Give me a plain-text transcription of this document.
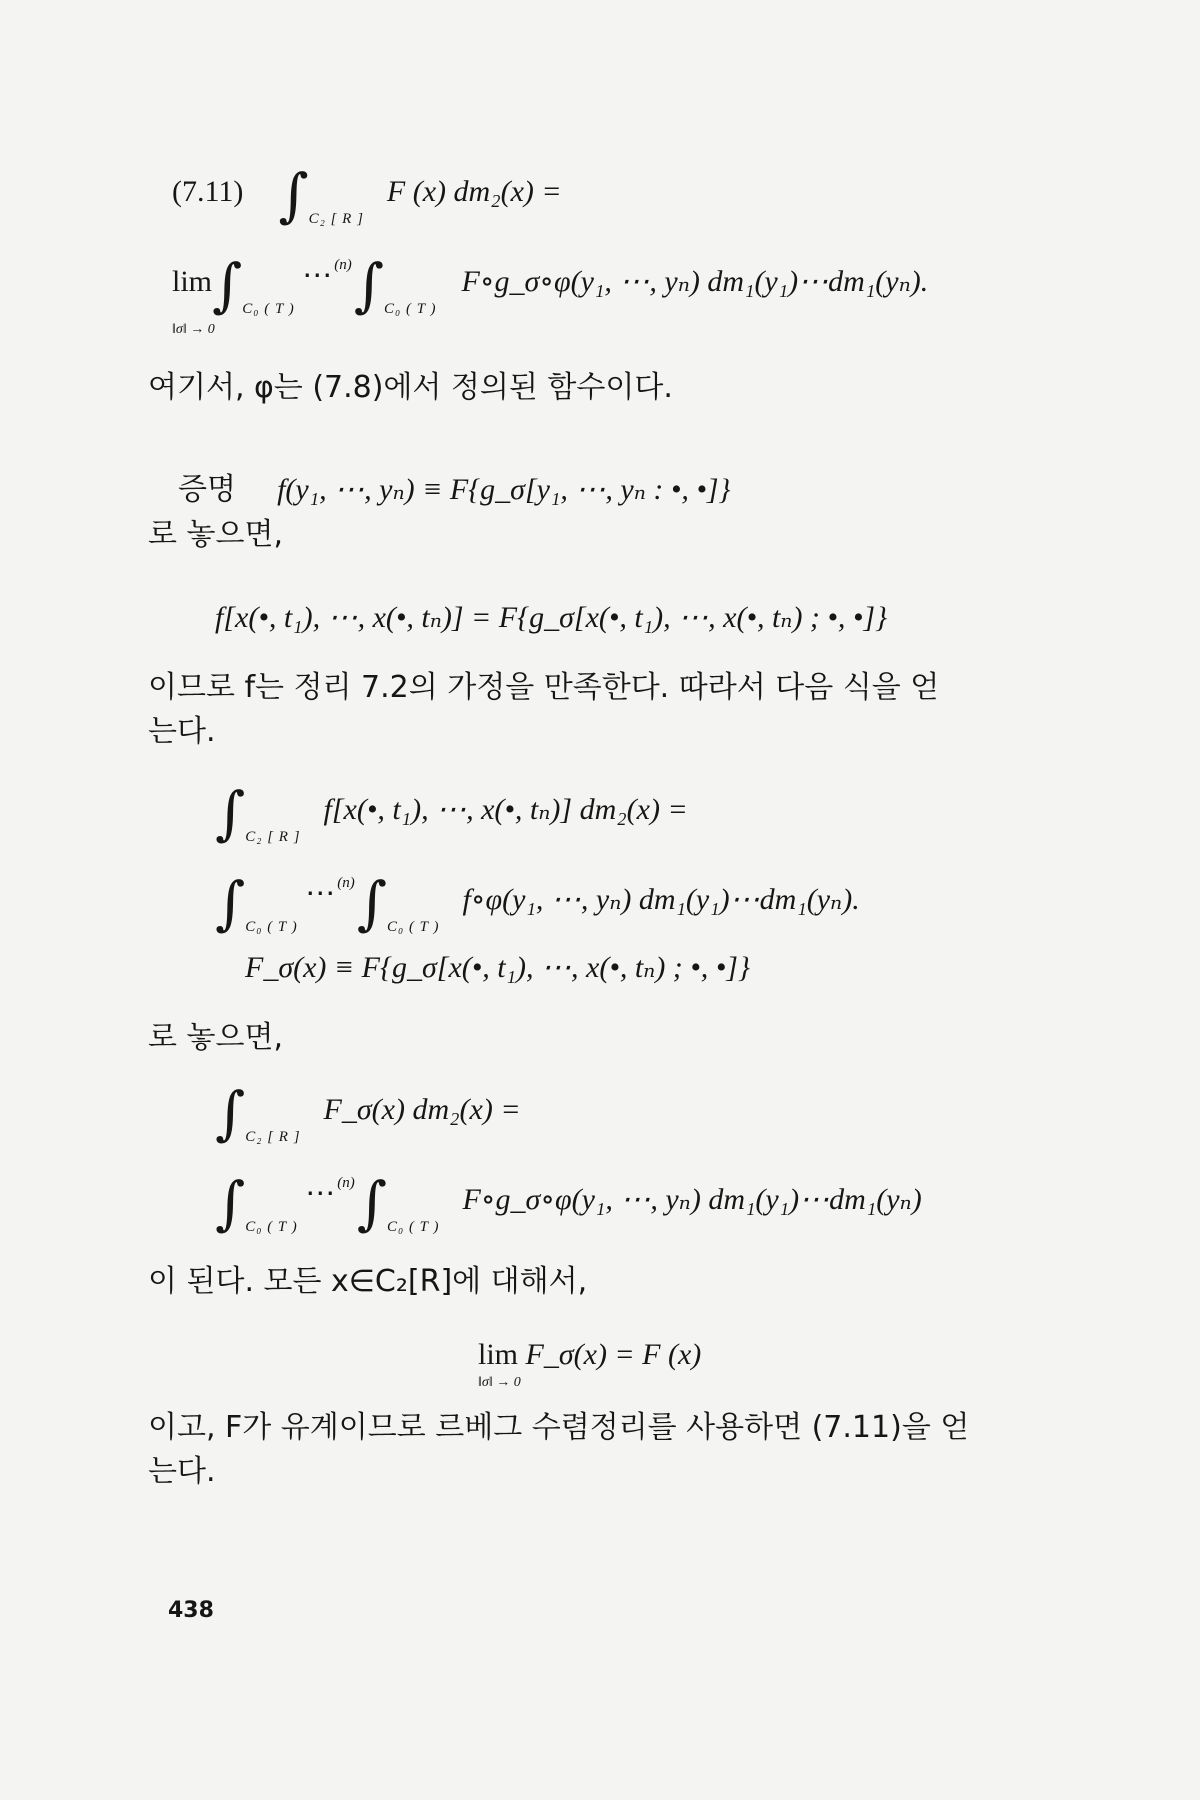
(7.11) $\int_{C_2 [ R ]}$  F (x) dm₂(x) =
$\lim\int_{C_0 ( T )}$ ⋯ $^{(n)}\int_{C_0 ( T )}$  F∘g_σ∘φ(y₁, ⋯, yₙ) dm₁(y₁)⋯dm₁(yₙ).
‖σ‖ → 0
여기서, φ는 (7.8)에서 정의된 함수이다.
증명 f(y₁, ⋯, yₙ) ≡ F{g_σ[y₁, ⋯, yₙ : •, •]}
로 놓으면,
f[x(•, t₁), ⋯, x(•, tₙ)] = F{g_σ[x(•, t₁), ⋯, x(•, tₙ) ; •, •]}
이므로 f는 정리 7.2의 가정을 만족한다. 따라서 다음 식을 얻
는다.
$\int_{C_2 [ R ]}$  f[x(•, t₁), ⋯, x(•, tₙ)] dm₂(x) =
$\int_{C_0 ( T )}$ ⋯ $^{(n)}\int_{C_0 ( T )}$  f∘φ(y₁, ⋯, yₙ) dm₁(y₁)⋯dm₁(yₙ).
F_σ(x) ≡ F{g_σ[x(•, t₁), ⋯, x(•, tₙ) ; •, •]}
로 놓으면,
$\int_{C_2 [ R ]}$  F_σ(x) dm₂(x) =
$\int_{C_0 ( T )}$ ⋯ $^{(n)}\int_{C_0 ( T )}$  F∘g_σ∘φ(y₁, ⋯, yₙ) dm₁(y₁)⋯dm₁(yₙ)
이 된다. 모든 x∈C₂[R]에 대해서,
lim F_σ(x) = F (x)
‖σ‖ → 0
이고, F가 유계이므로 르베그 수렴정리를 사용하면 (7.11)을 얻
는다.
438
